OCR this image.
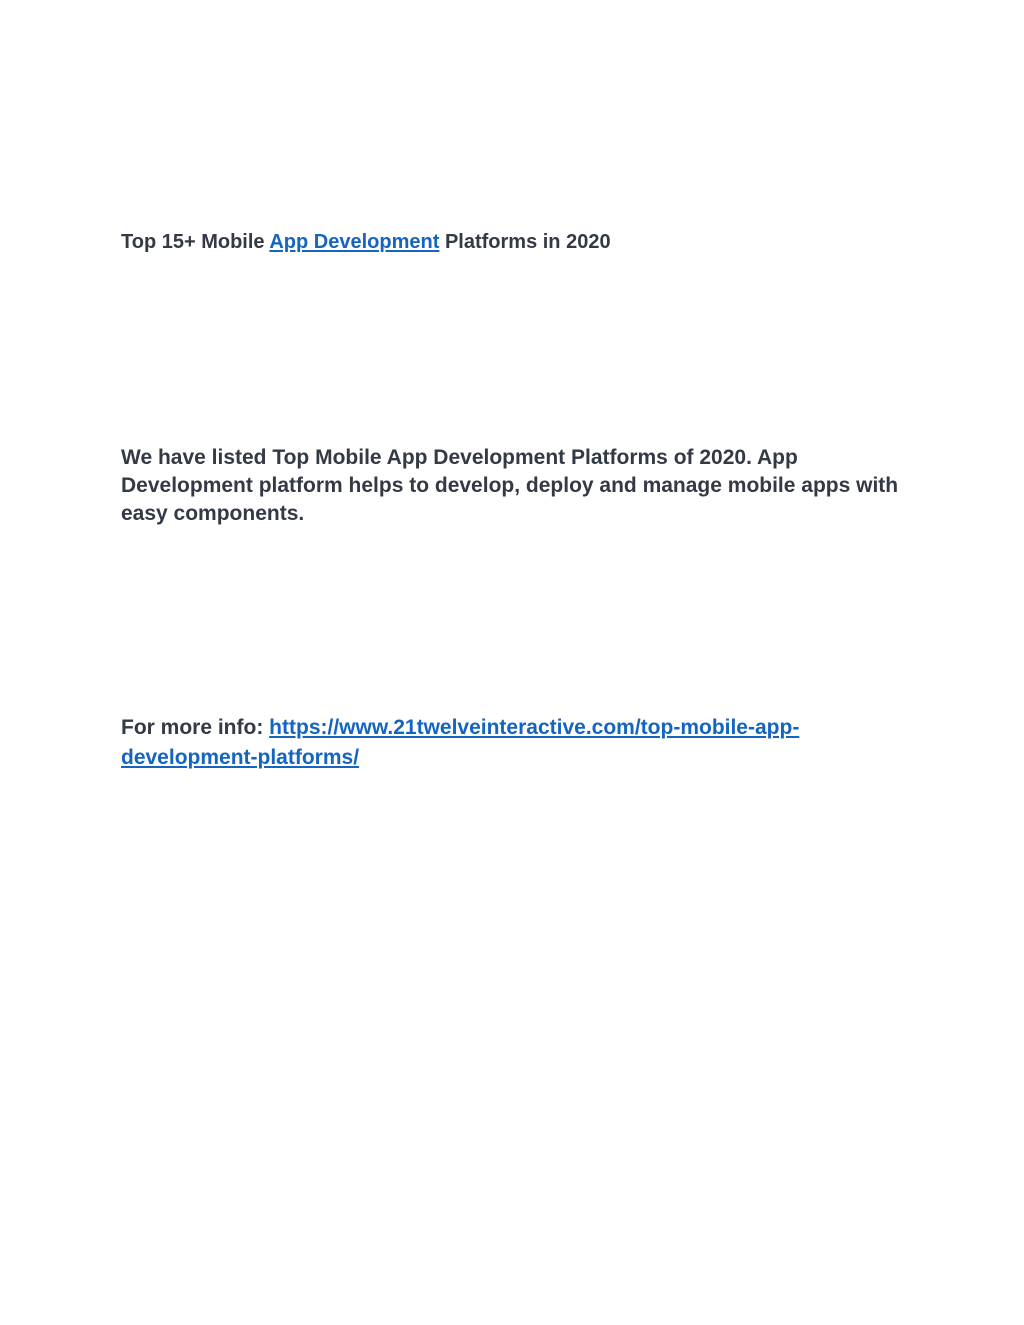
Top 15+ Mobile App Development Platforms in 2020

We have listed Top Mobile App Development Platforms of 2020. App Development platform helps to develop, deploy and manage mobile apps with easy components.

For more info: https://www.21twelveinteractive.com/top-mobile-app-
development-platforms/
